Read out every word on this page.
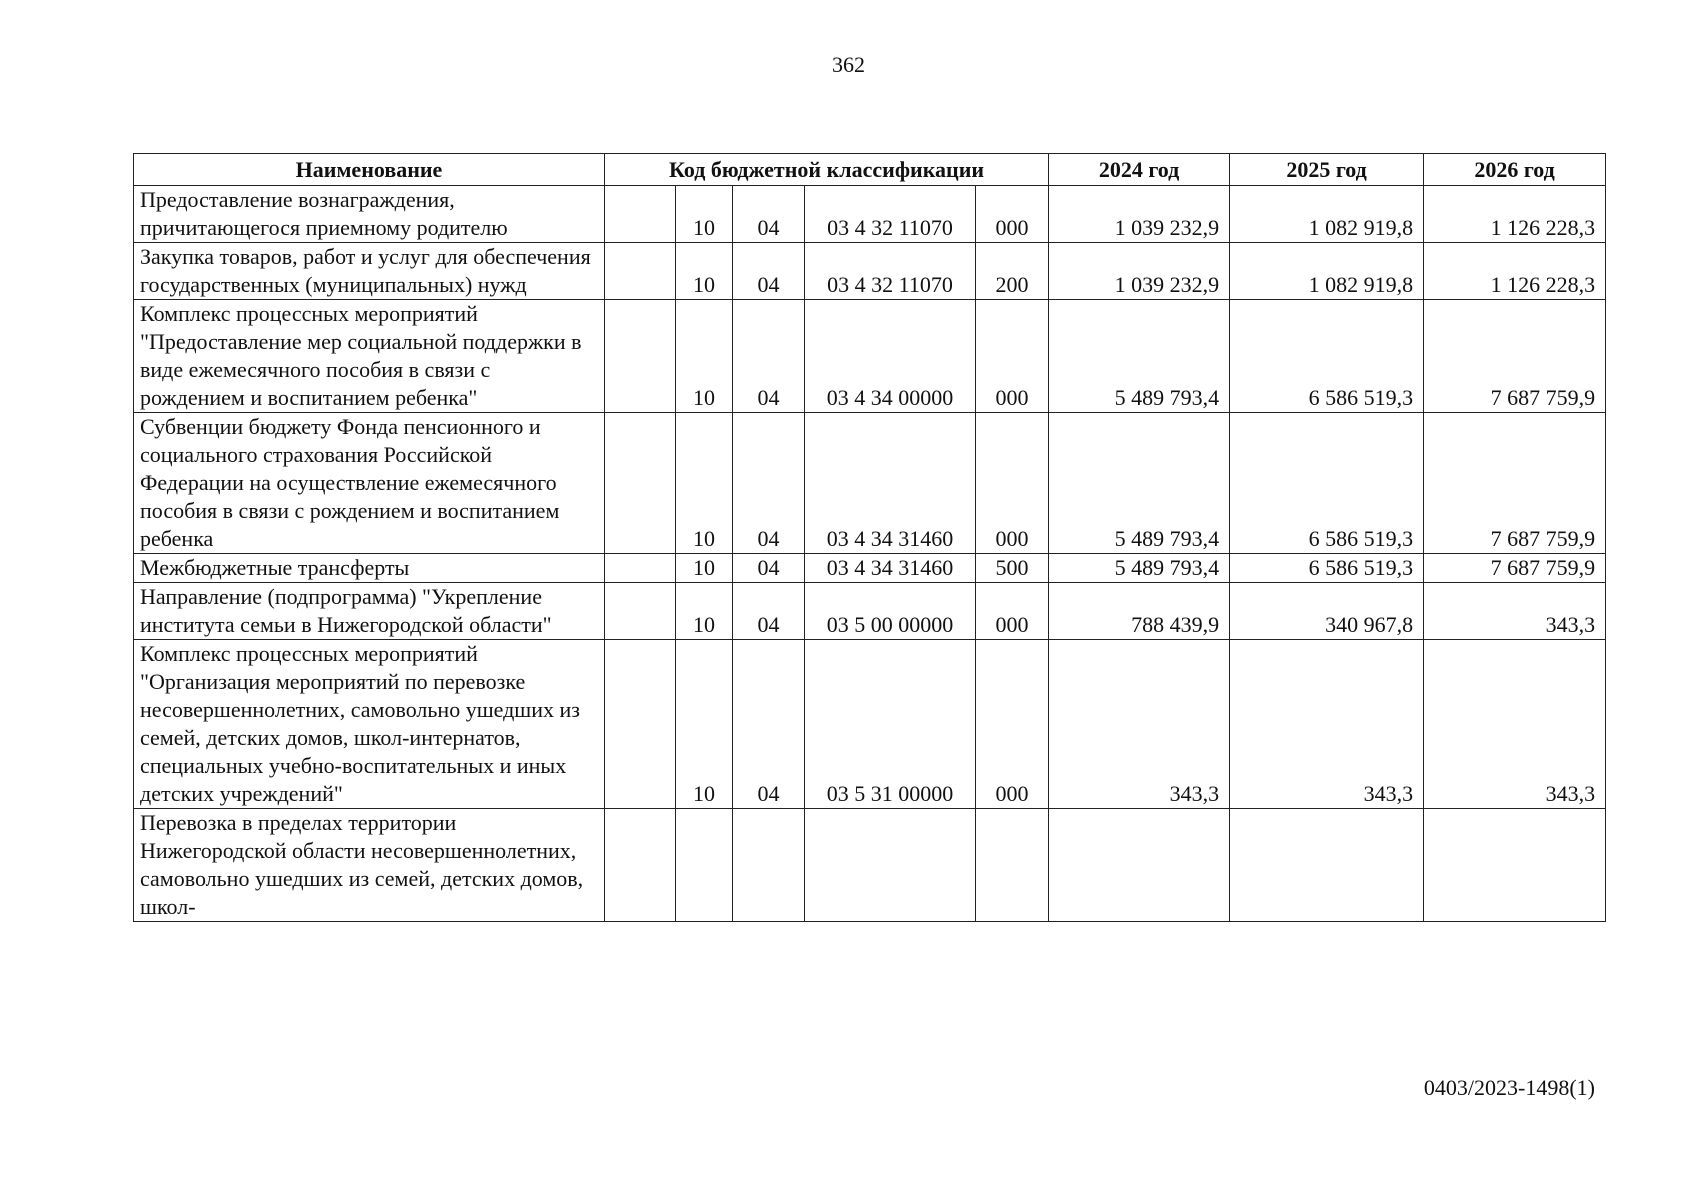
362
Наименование	Код бюджетной классификации					2024 год	2025 год	2026 год
Предоставление вознаграждения, причитающегося приемному родителю		10	04	03 4 32 11070	000	1 039 232,9	1 082 919,8	1 126 228,3
Закупка товаров, работ и услуг для обеспечения государственных (муниципальных) нужд		10	04	03 4 32 11070	200	1 039 232,9	1 082 919,8	1 126 228,3
Комплекс процессных мероприятий "Предоставление мер социальной поддержки в виде ежемесячного пособия в связи с рождением и воспитанием ребенка"		10	04	03 4 34 00000	000	5 489 793,4	6 586 519,3	7 687 759,9
Субвенции бюджету Фонда пенсионного и социального страхования Российской Федерации на осуществление ежемесячного пособия в связи с рождением и воспитанием ребенка		10	04	03 4 34 31460	000	5 489 793,4	6 586 519,3	7 687 759,9
Межбюджетные трансферты		10	04	03 4 34 31460	500	5 489 793,4	6 586 519,3	7 687 759,9
Направление (подпрограмма) "Укрепление института семьи в Нижегородской области"		10	04	03 5 00 00000	000	788 439,9	340 967,8	343,3
Комплекс процессных мероприятий "Организация мероприятий по перевозке несовершеннолетних, самовольно ушедших из семей, детских домов, школ-интернатов, специальных учебно-воспитательных и иных детских учреждений"		10	04	03 5 31 00000	000	343,3	343,3	343,3
Перевозка в пределах территории Нижегородской области несовершеннолетних, самовольно ушедших из семей, детских домов, школ-								
0403/2023-1498(1)
